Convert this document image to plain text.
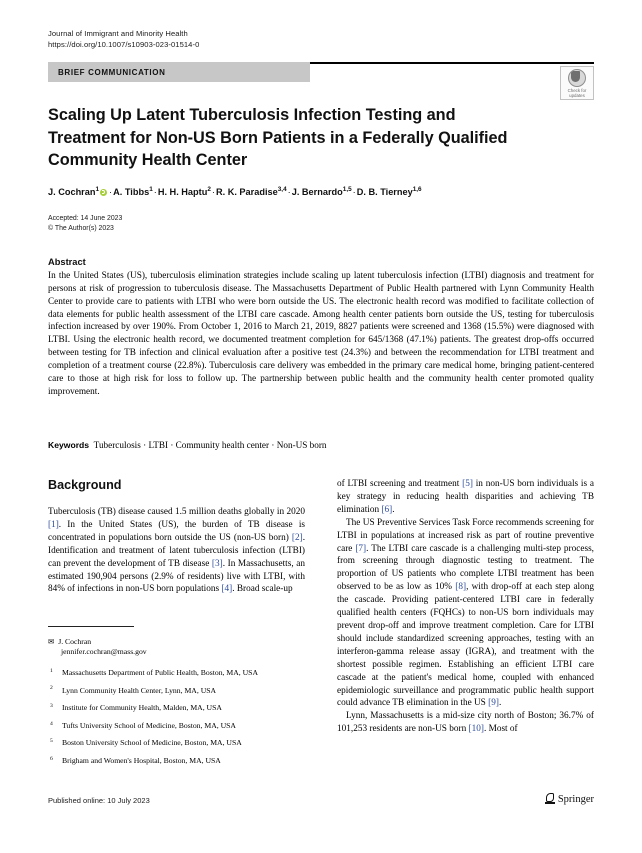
Journal of Immigrant and Minority Health
https://doi.org/10.1007/s10903-023-01514-0
BRIEF COMMUNICATION
Check for
updates
Scaling Up Latent Tuberculosis Infection Testing and Treatment for Non-US Born Patients in a Federally Qualified Community Health Center
J. Cochran$^1$ ·A. Tibbs$^1$·H. H. Haptu$^2$·R. K. Paradise$^{3,4}$·J. Bernardo$^{1,5}$·D. B. Tierney$^{1,6}$
Accepted: 14 June 2023
© The Author(s) 2023
Abstract
In the United States (US), tuberculosis elimination strategies include scaling up latent tuberculosis infection (LTBI) diagnosis and treatment for persons at risk of progression to tuberculosis disease. The Massachusetts Department of Public Health partnered with Lynn Community Health Center to provide care to patients with LTBI who were born outside the US. The electronic health record was modified to facilitate collection of data elements for public health assessment of the LTBI care cascade. Among health center patients born outside the US, testing for tuberculosis infection increased by over 190%. From October 1, 2016 to March 21, 2019, 8827 patients were screened and 1368 (15.5%) were diagnosed with LTBI. Using the electronic health record, we documented treatment completion for 645/1368 (47.1%) patients. The greatest drop-offs occurred between testing for TB infection and clinical evaluation after a positive test (24.3%) and between the recommendation for LTBI treatment and completion of a treatment course (22.8%). Tuberculosis care delivery was embedded in the primary care medical home, bringing patient-centered care to those at high risk for loss to follow up. The partnership between public health and the community health center promoted quality improvement.
Keywords Tuberculosis · LTBI · Community health center · Non-US born
Background

Tuberculosis (TB) disease caused 1.5 million deaths globally in 2020 [1]. In the United States (US), the burden of TB disease is concentrated in populations born outside the US (non-US born) [2]. Identification and treatment of latent tuberculosis infection (LTBI) can prevent the development of TB disease [3]. In Massachusetts, an estimated 190,904 persons (2.9% of residents) live with LTBI, with 84% of infections in non-US born populations [4]. Broad scale-up

of LTBI screening and treatment [5] in non-US born individuals is a key strategy in reducing health disparities and achieving TB elimination [6].

The US Preventive Services Task Force recommends screening for LTBI in populations at increased risk as part of routine preventive care [7]. The LTBI care cascade is a challenging multi-step process, from screening through diagnostic testing to treatment. The proportion of US patients who complete LTBI treatment has been observed to be as low as 10% [8], with drop-off at each step along the cascade. Providing patient-centered LTBI care in federally qualified health centers (FQHCs) to non-US born individuals may prevent drop-off and improve treatment completion. Care for LTBI should include standardized screening approaches, testing with an interferon-gamma release assay (IGRA), and treatment with the shortest possible regimen. Establishing an efficient LTBI care cascade at the patient's medical home, coupled with enhanced epidemiologic surveillance and programmatic public health support could advance TB elimination in the US [9].

Lynn, Massachusetts is a mid-size city north of Boston; 36.7% of 101,253 residents are non-US born [10]. Most of

✉ J. Cochran
jennifer.cochran@mass.gov
1 Massachusetts Department of Public Health, Boston, MA, USA
2 Lynn Community Health Center, Lynn, MA, USA
3 Institute for Community Health, Malden, MA, USA
4 Tufts University School of Medicine, Boston, MA, USA
5 Boston University School of Medicine, Boston, MA, USA
6 Brigham and Women's Hospital, Boston, MA, USA
Published online: 10 July 2023	Springer
